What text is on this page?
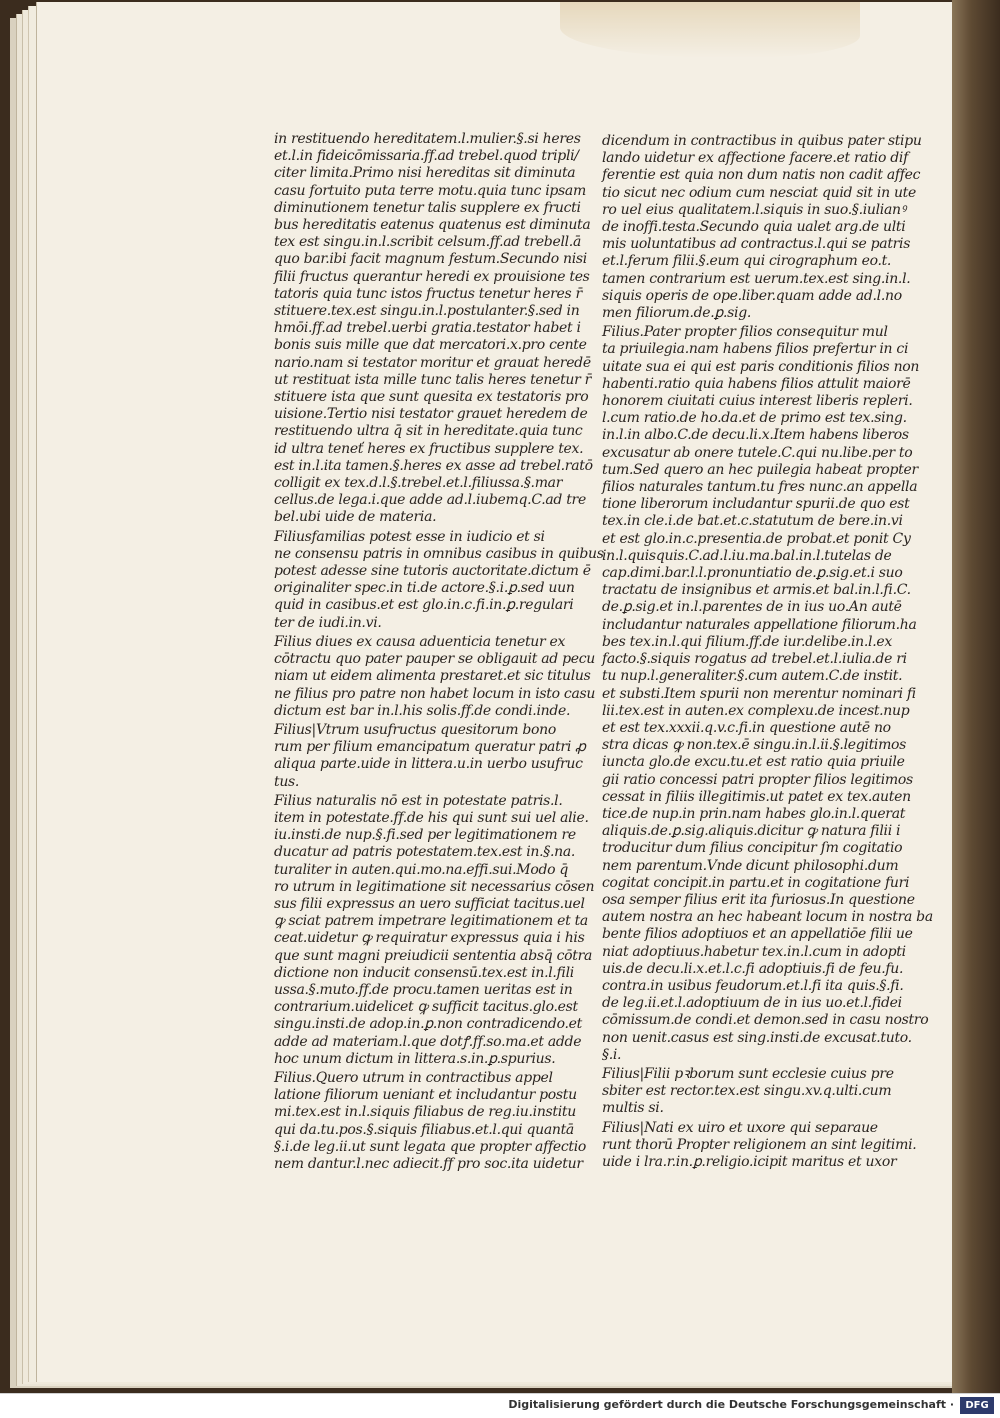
in restituendo hereditatem.l.mulier.§.si heres
et.l.in fideicōmissaria.ff.ad trebel.quod tripli/
citer limita.Primo nisi hereditas sit diminuta
casu fortuito puta terre motu.quia tunc ipsam
diminutionem tenetur talis supplere ex fructi
bus hereditatis eatenus quatenus est diminuta
tex est singu.in.l.scribit celsum.ff.ad trebell.ā
quo bar.ibi facit magnum festum.Secundo nisi
filii fructus querantur heredi ex prouisione tes
tatoris quia tunc istos fructus tenetur heres r̄
stituere.tex.est singu.in.l.postulanter.§.sed in
hmōi.ff.ad trebel.uerbi gratia.testator habet i
bonis suis mille que dat mercatori.x.pro cente
nario.nam si testator moritur et grauat heredē
ut restituat ista mille tunc talis heres tenetur r̄
stituere ista que sunt quesita ex testatoris pro
uisione.Tertio nisi testator grauet heredem de
restituendo ultra q̄ sit in hereditate.quia tunc
id ultra teneť heres ex fructibus supplere tex.
est in.l.ita tamen.§.heres ex asse ad trebel.ratō
colligit ex tex.d.l.§.trebel.et.l.filiussa.§.mar
cellus.de lega.i.que adde ad.l.iubemq.C.ad tre
bel.ubi uide de materia.
Filiusfamilias potest esse in iudicio et si
ne consensu patris in omnibus casibus in quibus
potest adesse sine tutoris auctoritate.dictum ē
originaliter spec.in ti.de actore.§.i.ꝑ.sed uun
quid in casibus.et est glo.in.c.fi.in.ꝑ.regulari
ter de iudi.in.vi.
Filius diues ex causa aduenticia tenetur ex
cōtractu quo pater pauper se obligauit ad pecu
niam ut eidem alimenta prestaret.et sic titulus
ne filius pro patre non habet locum in isto casu
dictum est bar in.l.his solis.ff.de condi.inde.
Filius|Vtrum usufructus quesitorum bono
rum per filium emancipatum queratur patri ꝓ
aliqua parte.uide in littera.u.in uerbo usufruc
tus.
Filius naturalis nō est in potestate patris.l.
item in potestate.ff.de his qui sunt sui uel alie.
iu.insti.de nup.§.fi.sed per legitimationem re
ducatur ad patris potestatem.tex.est in.§.na.
turaliter in auten.qui.mo.na.effi.sui.Modo q̄
ro utrum in legitimatione sit necessarius cōsen
sus filii expressus an uero sufficiat tacitus.uel
ꝙ sciat patrem impetrare legitimationem et ta
ceat.uidetur ꝙ requiratur expressus quia i his
que sunt magni preiudicii sententia absq̄ cōtra
dictione non inducit consensū.tex.est in.l.fili
ussa.§.muto.ff.de procu.tamen ueritas est in
contrarium.uidelicet ꝙ sufficit tacitus.glo.est
singu.insti.de adop.in.ꝑ.non contradicendo.et
adde ad materiam.l.que dotꝭ.ff.so.ma.et adde
hoc unum dictum in littera.s.in.ꝑ.spurius.
Filius.Quero utrum in contractibus appel
latione filiorum ueniant et includantur postu
mi.tex.est in.l.siquis filiabus de reg.iu.institu
qui da.tu.pos.§.siquis filiabus.et.l.qui quantā
§.i.de leg.ii.ut sunt legata que propter affectio
nem dantur.l.nec adiecit.ff pro soc.ita uidetur
dicendum in contractibus in quibus pater stipu
lando uidetur ex affectione facere.et ratio dif
ferentie est quia non dum natis non cadit affec
tio sicut nec odium cum nesciat quid sit in ute
ro uel eius qualitatem.l.siquis in suo.§.iulianꝰ
de inoffi.testa.Secundo quia ualet arg.de ulti
mis uoluntatibus ad contractus.l.qui se patris
et.l.ferum filii.§.eum qui cirographum eo.t.
tamen contrarium est uerum.tex.est sing.in.l.
siquis operis de ope.liber.quam adde ad.l.no
men filiorum.de.ꝑ.sig.
Filius.Pater propter filios consequitur mul
ta priuilegia.nam habens filios prefertur in ci
uitate sua ei qui est paris conditionis filios non
habenti.ratio quia habens filios attulit maiorē
honorem ciuitati cuius interest liberis repleri.
l.cum ratio.de ho.da.et de primo est tex.sing.
in.l.in albo.C.de decu.li.x.Item habens liberos
excusatur ab onere tutele.C.qui nu.libe.per to
tum.Sed quero an hec puilegia habeat propter
filios naturales tantum.tu fres nunc.an appella
tione liberorum includantur spurii.de quo est
tex.in cle.i.de bat.et.c.statutum de bere.in.vi
et est glo.in.c.presentia.de probat.et ponit Cy
in.l.quisquis.C.ad.l.iu.ma.bal.in.l.tutelas de
cap.dimi.bar.l.l.pronuntiatio de.ꝑ.sig.et.i suo
tractatu de insignibus et armis.et bal.in.l.fi.C.
de.ꝑ.sig.et in.l.parentes de in ius uo.An autē
includantur naturales appellatione filiorum.ha
bes tex.in.l.qui filium.ff.de iur.delibe.in.l.ex
facto.§.siquis rogatus ad trebel.et.l.iulia.de ri
tu nup.l.generaliter.§.cum autem.C.de instit.
et substi.Item spurii non merentur nominari fi
lii.tex.est in auten.ex complexu.de incest.nup
et est tex.xxxii.q.v.c.fi.in questione autē no
stra dicas ꝙ non.tex.ē singu.in.l.ii.§.legitimos
iuncta glo.de excu.tu.et est ratio quia priuile
gii ratio concessi patri propter filios legitimos
cessat in filiis illegitimis.ut patet ex tex.auten
tice.de nup.in prin.nam habes glo.in.l.querat
aliquis.de.ꝑ.sig.aliquis.dicitur ꝙ natura filii i
troducitur dum filius concipitur ſm cogitatio
nem parentum.Vnde dicunt philosophi.dum
cogitat concipit.in partu.et in cogitatione furi
osa semper filius erit ita furiosus.In questione
autem nostra an hec habeant locum in nostra ba
bente filios adoptiuos et an appellatiōe filii ue
niat adoptiuus.habetur tex.in.l.cum in adopti
uis.de decu.li.x.et.l.c.fi adoptiuis.fi de feu.fu.
contra.in usibus feudorum.et.l.fi ita quis.§.fi.
de leg.ii.et.l.adoptiuum de in ius uo.et.l.fidei
cōmissum.de condi.et demon.sed in casu nostro
non uenit.casus est sing.insti.de excusat.tuto.
§.i.
Filius|Filii pꝛborum sunt ecclesie cuius pre
sbiter est rector.tex.est singu.xv.q.ulti.cum
multis si.
Filius|Nati ex uiro et uxore qui separaue
runt thorū Propter religionem an sint legitimi.
uide i lra.r.in.ꝑ.religio.icipit maritus et uxor
Digitalisierung gefördert durch die Deutsche Forschungsgemeinschaft ·	DFG
